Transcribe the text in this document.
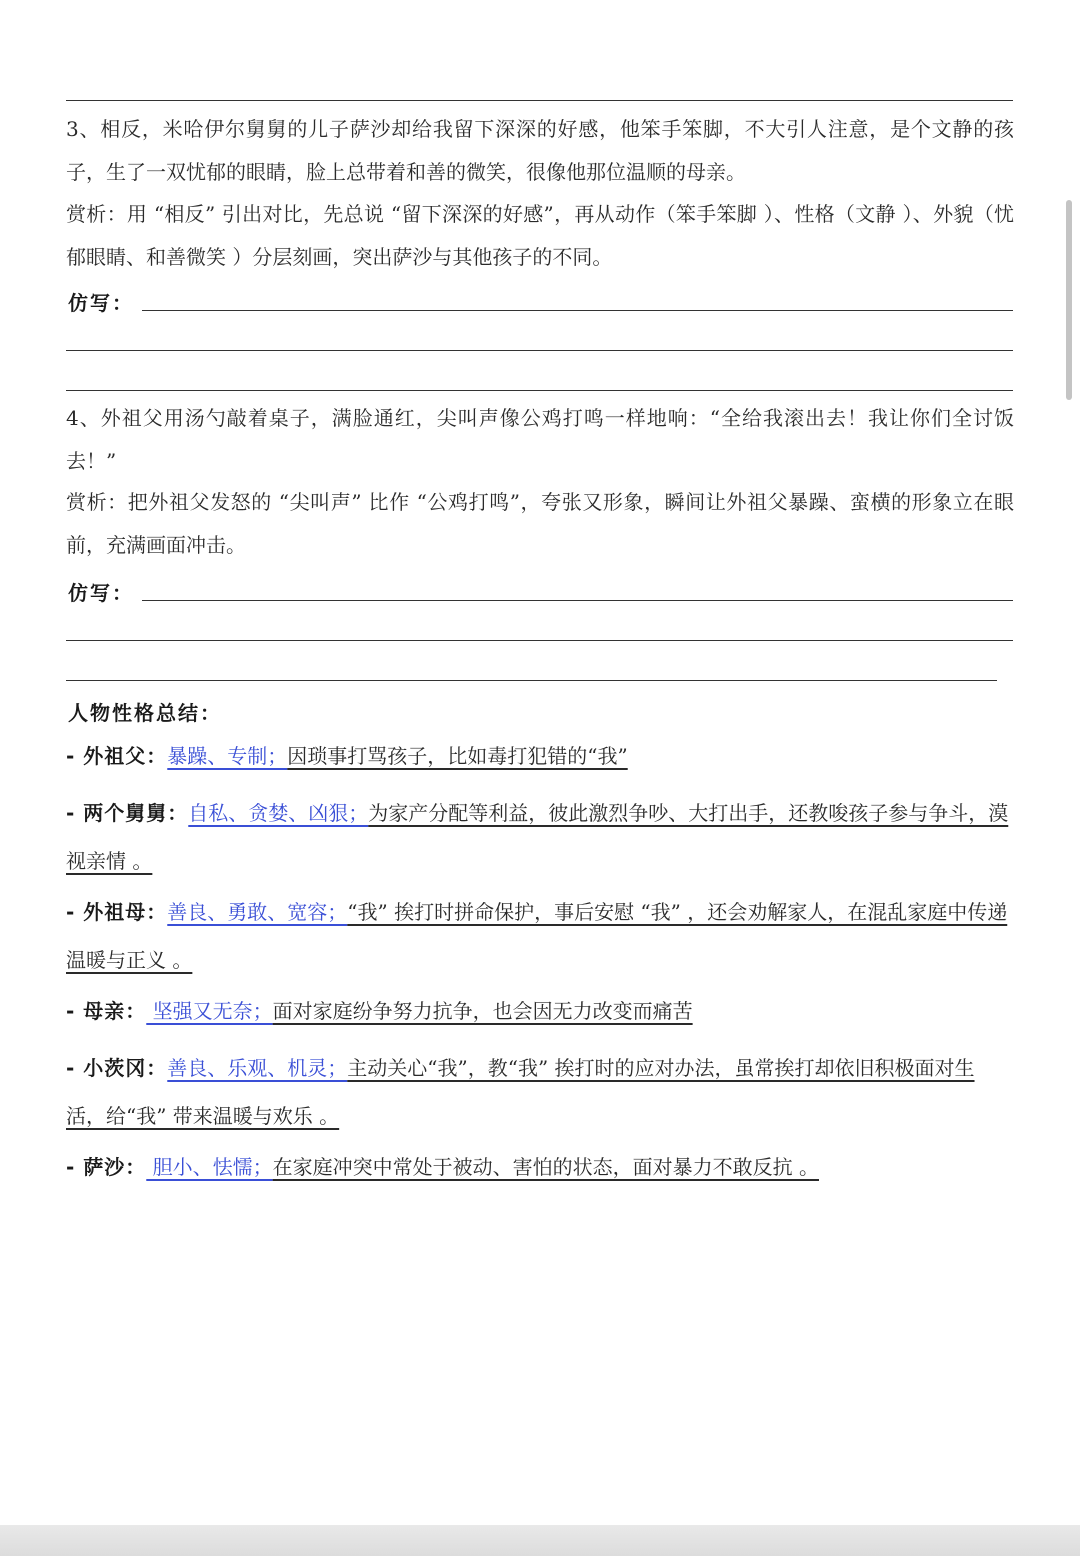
3、相反，米哈伊尔舅舅的儿子萨沙却给我留下深深的好感，他笨手笨脚，不大引人注意，是个文静的孩子，生了一双忧郁的眼睛，脸上总带着和善的微笑，很像他那位温顺的母亲。

赏析：用 “相反” 引出对比，先总说 “留下深深的好感”，再从动作（笨手笨脚 ）、性格（文静 ）、外貌（忧郁眼睛、和善微笑 ）分层刻画，突出萨沙与其他孩子的不同。

仿写：

4、外祖父用汤勺敲着桌子，满脸通红，尖叫声像公鸡打鸣一样地响：“全给我滚出去！我让你们全讨饭去！”

赏析：把外祖父发怒的 “尖叫声” 比作 “公鸡打鸣”，夸张又形象，瞬间让外祖父暴躁、蛮横的形象立在眼前，充满画面冲击。

仿写：
人物性格总结：

- 外祖父：暴躁、专制；因琐事打骂孩子，比如毒打犯错的“我”

- 两个舅舅：自私、贪婪、凶狠；为家产分配等利益，彼此激烈争吵、大打出手，还教唆孩子参与争斗，漠视亲情 。

- 外祖母：善良、勇敢、宽容；“我” 挨打时拼命保护，事后安慰 “我” ，还会劝解家人，在混乱家庭中传递温暖与正义 。

- 母亲： 坚强又无奈；面对家庭纷争努力抗争，也会因无力改变而痛苦

- 小茨冈：善良、乐观、机灵；主动关心“我”，教“我” 挨打时的应对办法，虽常挨打却依旧积极面对生活，给“我” 带来温暖与欢乐 。

- 萨沙： 胆小、怯懦；在家庭冲突中常处于被动、害怕的状态，面对暴力不敢反抗 。
